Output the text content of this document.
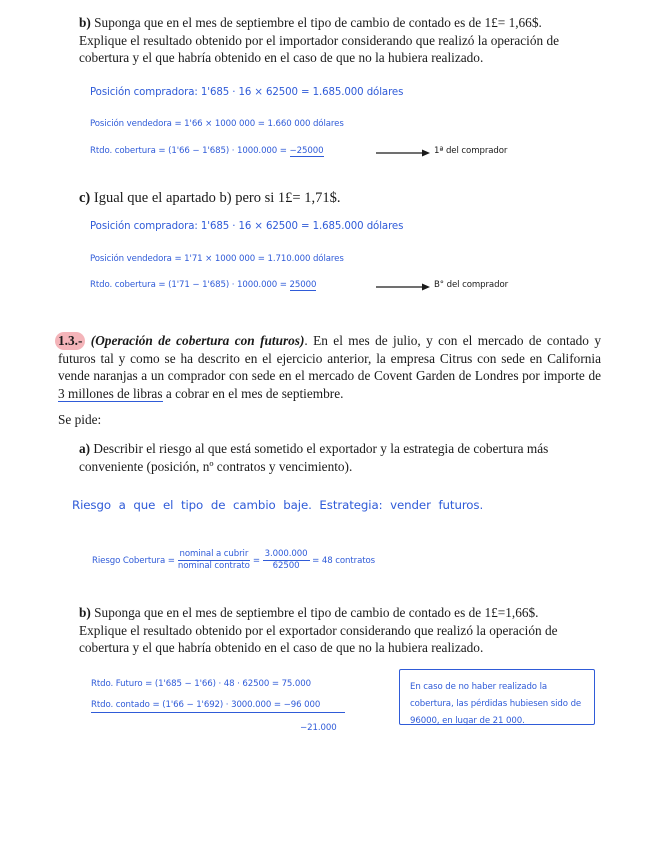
b) Suponga que en el mes de septiembre el tipo de cambio de contado es de 1£= 1,66$. Explique el resultado obtenido por el importador considerando que realizó la operación de cobertura y el que habría obtenido en el caso de que no la hubiera realizado.
Posición compradora: 1'685 · 16 × 62500 = 1.685.000 dólares
Posición vendedora = 1'66 × 1000 000 = 1.660 000 dólares
Rtdo. cobertura = (1'66 − 1'685) · 1000.000 = −25000	1ª del comprador
c) Igual que el apartado b) pero si 1£= 1,71$.
Posición compradora: 1'685 · 16 × 62500 = 1.685.000 dólares
Posición vendedora = 1'71 × 1000 000 = 1.710.000 dólares
Rtdo. cobertura = (1'71 − 1'685) · 1000.000 = 25000	B° del comprador
1.3.- (Operación de cobertura con futuros). En el mes de julio, y con el mercado de contado y futuros tal y como se ha descrito en el ejercicio anterior, la empresa Citrus con sede en California vende naranjas a un comprador con sede en el mercado de Covent Garden de Londres por importe de 3 millones de libras a cobrar en el mes de septiembre.
Se pide:
a) Describir el riesgo al que está sometido el exportador y la estrategia de cobertura más conveniente (posición, nº contratos y vencimiento).
Riesgo a que el tipo de cambio baje. Estrategia: vender futuros.
Riesgo Cobertura = $\frac{\text{nominal a cubrir}}{\text{nominal contrato}} = \frac{3.000.000}{62500} = 48$ contratos
b) Suponga que en el mes de septiembre el tipo de cambio de contado es de 1£=1,66$. Explique el resultado obtenido por el exportador considerando que realizó la operación de cobertura y el que habría obtenido en el caso de que no la hubiera realizado.
Rtdo. Futuro = (1'685 − 1'66) · 48 · 62500 = 75.000
Rtdo. contado = (1'66 − 1'692) · 3000.000 = −96 000
−21.000
En caso de no haber realizado la cobertura, las pérdidas hubiesen sido de 96000, en lugar de 21 000.
